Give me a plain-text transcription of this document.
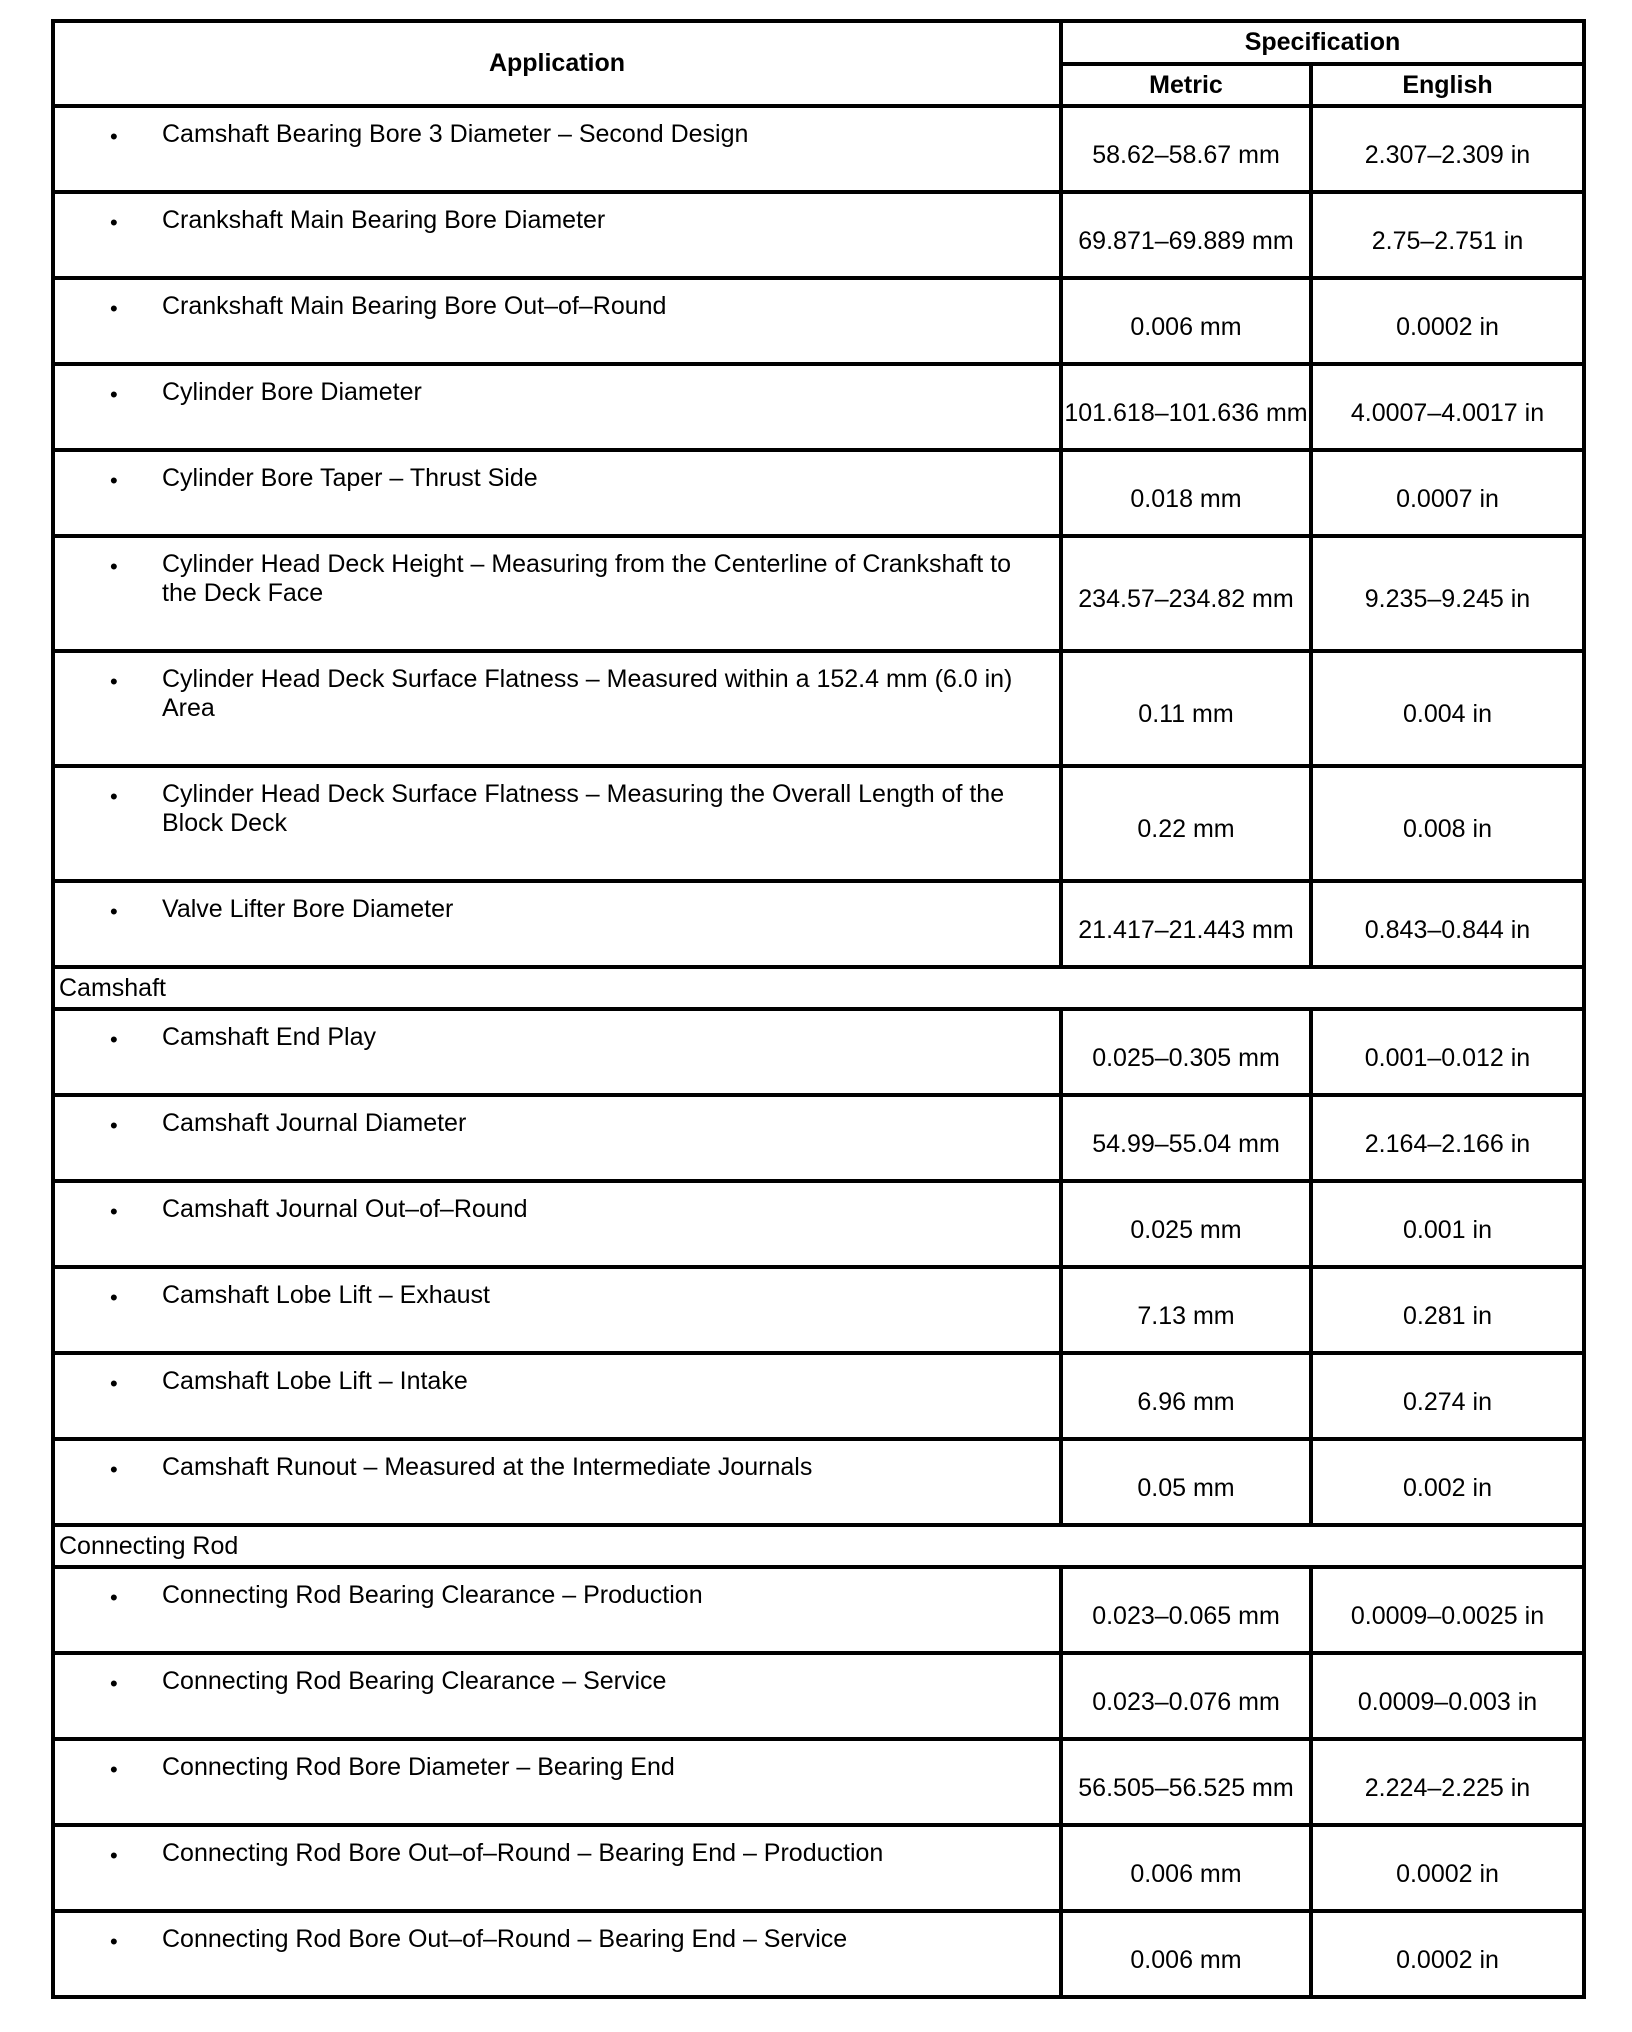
Application	Specification	
	Metric	English

• Camshaft Bearing Bore 3 Diameter – Second Design	58.62–58.67 mm	2.307–2.309 in

• Crankshaft Main Bearing Bore Diameter	69.871–69.889 mm	2.75–2.751 in

• Crankshaft Main Bearing Bore Out–of–Round	0.006 mm	0.0002 in

• Cylinder Bore Diameter	101.618–101.636 mm	4.0007–4.0017 in

• Cylinder Bore Taper – Thrust Side	0.018 mm	0.0007 in

• Cylinder Head Deck Height – Measuring from the Centerline of Crankshaft to the Deck Face	234.57–234.82 mm	9.235–9.245 in

• Cylinder Head Deck Surface Flatness – Measured within a 152.4 mm (6.0 in) Area	0.11 mm	0.004 in

• Cylinder Head Deck Surface Flatness – Measuring the Overall Length of the Block Deck	0.22 mm	0.008 in

• Valve Lifter Bore Diameter	21.417–21.443 mm	0.843–0.844 in
Camshaft		

• Camshaft End Play	0.025–0.305 mm	0.001–0.012 in

• Camshaft Journal Diameter	54.99–55.04 mm	2.164–2.166 in

• Camshaft Journal Out–of–Round	0.025 mm	0.001 in

• Camshaft Lobe Lift – Exhaust	7.13 mm	0.281 in

• Camshaft Lobe Lift – Intake	6.96 mm	0.274 in

• Camshaft Runout – Measured at the Intermediate Journals	0.05 mm	0.002 in
Connecting Rod		

• Connecting Rod Bearing Clearance – Production	0.023–0.065 mm	0.0009–0.0025 in

• Connecting Rod Bearing Clearance – Service	0.023–0.076 mm	0.0009–0.003 in

• Connecting Rod Bore Diameter – Bearing End	56.505–56.525 mm	2.224–2.225 in

• Connecting Rod Bore Out–of–Round – Bearing End – Production	0.006 mm	0.0002 in

• Connecting Rod Bore Out–of–Round – Bearing End – Service	0.006 mm	0.0002 in
